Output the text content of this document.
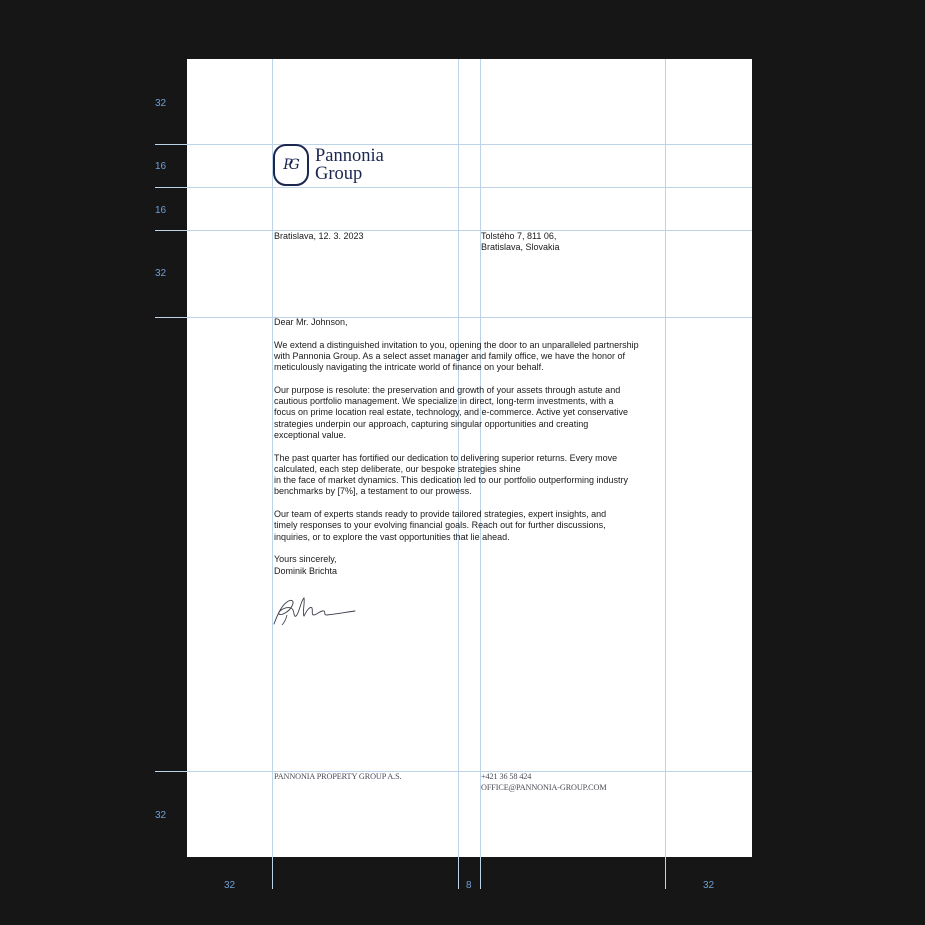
32
16
16
32
32
32	8	32
PG	Pannonia
Group
Bratislava, 12. 3. 2023	Tolstého 7, 811 06,
Bratislava, Slovakia

Dear Mr. Johnson,

We extend a distinguished invitation to you, opening the door to an unparalleled partnership
with Pannonia Group. As a select asset manager and family office, we have the honor of
meticulously navigating the intricate world of finance on your behalf.

Our purpose is resolute: the preservation and growth of your assets through astute and
cautious portfolio management. We specialize in direct, long-term investments, with a
focus on prime location real estate, technology, and e-commerce. Active yet conservative
strategies underpin our approach, capturing singular opportunities and creating
exceptional value.

The past quarter has fortified our dedication to delivering superior returns. Every move
calculated, each step deliberate, our bespoke strategies shine
in the face of market dynamics. This dedication led to our portfolio outperforming industry
benchmarks by [7%], a testament to our prowess.

Our team of experts stands ready to provide tailored strategies, expert insights, and
timely responses to your evolving financial goals. Reach out for further discussions,
inquiries, or to explore the vast opportunities that lie ahead.

Yours sincerely,

Dominik Brichta

PANNONIA PROPERTY GROUP A.S.	+421 36 58 424
OFFICE@PANNONIA-GROUP.COM
